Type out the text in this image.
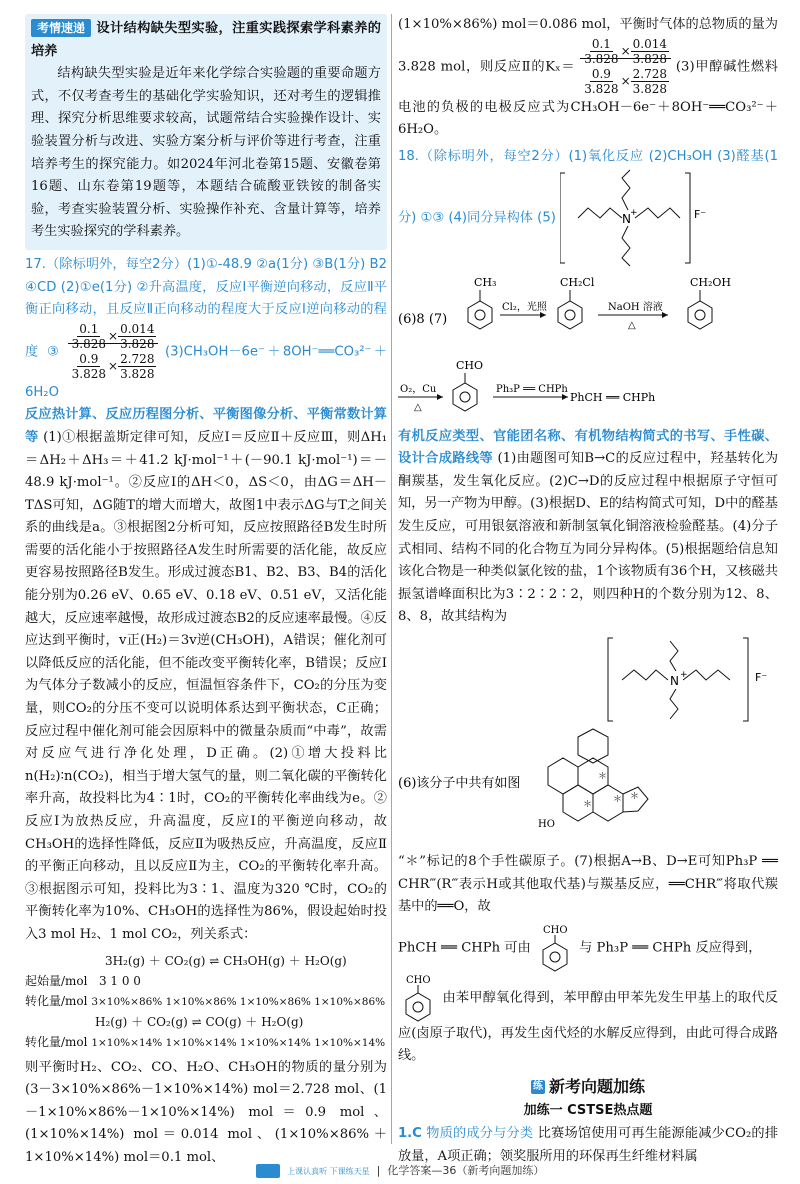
考情速递 设计结构缺失型实验，注重实践探索学科素养的培养

结构缺失型实验是近年来化学综合实验题的重要命题方式，不仅考查考生的基础化学实验知识，还对考生的逻辑推理、探究分析思维要求较高，试题常结合实验操作设计、实验装置分析与改进、实验方案分析与评价等进行考查，注重培养考生的探究能力。如2024年河北卷第15题、安徽卷第16题、山东卷第19题等，本题结合硫酸亚铁铵的制备实验，考查实验装置分析、实验操作补充、含量计算等，培养考生实验探究的学科素养。

17.（除标明外，每空2分）(1)①-48.9 ②a(1分) ③B(1分) B2 ④CD (2)①e(1分) ②升高温度，反应Ⅰ平衡逆向移动，反应Ⅱ平衡正向移动，且反应Ⅱ正向移动的程度大于反应Ⅰ逆向移动的程度 ③ $\frac{0.1}{3.828}\times\frac{0.014}{3.828}$
$\frac{0.9}{3.828}\times\frac{2.728}{3.828}$ (3)CH₃OH－6e⁻＋8OH⁻══CO₃²⁻＋6H₂O

反应热计算、反应历程图分析、平衡图像分析、平衡常数计算等 (1)①根据盖斯定律可知，反应Ⅰ＝反应Ⅱ＋反应Ⅲ，则ΔH₁＝ΔH₂＋ΔH₃＝＋41.2 kJ·mol⁻¹＋(－90.1 kJ·mol⁻¹)＝－48.9 kJ·mol⁻¹。②反应Ⅰ的ΔH＜0，ΔS＜0，由ΔG＝ΔH－TΔS可知，ΔG随T的增大而增大，故图1中表示ΔG与T之间关系的曲线是a。③根据图2分析可知，反应按照路径B发生时所需要的活化能小于按照路径A发生时所需要的活化能，故反应更容易按照路径B发生。形成过渡态B1、B2、B3、B4的活化能分别为0.26 eV、0.65 eV、0.18 eV、0.51 eV，又活化能越大，反应速率越慢，故形成过渡态B2的反应速率最慢。④反应达到平衡时，v正(H₂)＝3v逆(CH₃OH)，A错误；催化剂可以降低反应的活化能，但不能改变平衡转化率，B错误；反应Ⅰ为气体分子数减小的反应，恒温恒容条件下，CO₂的分压为变量，则CO₂的分压不变可以说明体系达到平衡状态，C正确；反应过程中催化剂可能会因原料中的微量杂质而“中毒”，故需对反应气进行净化处理，D正确。(2)①增大投料比n(H₂)∶n(CO₂)，相当于增大氢气的量，则二氧化碳的平衡转化率升高，故投料比为4∶1时，CO₂的平衡转化率曲线为e。②反应Ⅰ为放热反应，升高温度，反应Ⅰ的平衡逆向移动，故CH₃OH的选择性降低，反应Ⅱ为吸热反应，升高温度，反应Ⅱ的平衡正向移动，且以反应Ⅱ为主，CO₂的平衡转化率升高。③根据图示可知，投料比为3∶1、温度为320 ℃时，CO₂的平衡转化率为10%、CH₃OH的选择性为86%，假设起始时投入3 mol H₂、1 mol CO₂，列关系式：

3H₂(g) ＋ CO₂(g) ⇌ CH₃OH(g) ＋ H₂O(g)
起始量/mol 3 1 0 0
转化量/mol 3×10%×86% 1×10%×86% 1×10%×86% 1×10%×86%
H₂(g) ＋ CO₂(g) ⇌ CO(g) ＋ H₂O(g)
转化量/mol 1×10%×14% 1×10%×14% 1×10%×14% 1×10%×14%

则平衡时H₂、CO₂、CO、H₂O、CH₃OH的物质的量分别为(3－3×10%×86%－1×10%×14%) mol＝2.728 mol、(1－1×10%×86%－1×10%×14%) mol＝0.9 mol、(1×10%×14%) mol＝0.014 mol、(1×10%×86%＋1×10%×14%) mol＝0.1 mol、

(1×10%×86%) mol＝0.086 mol，平衡时气体的总物质的量为3.828 mol，则反应Ⅱ的$K_x= \frac{0.1}{3.828}\times\frac{0.014}{3.828}$
$\frac{0.9}{3.828}\times\frac{2.728}{3.828} (3)$甲醇碱性燃料电池的负极的电极反应式为CH₃OH－6e⁻＋8OH⁻══CO₃²⁻＋6H₂O。

18.（除标明外，每空2分）(1)氧化反应 (2)CH₃OH (3)醛基(1分) ①③ (4)同分异构体 (5)	N +	F⁻

(6)8 (7)
CH₃
Cl₂，光照
CH₂Cl
NaOH 溶液
△
CH₂OH

O₂，Cu
△
CHO
Ph₃P ══ CHPh
PhCH ══ CHPh

有机反应类型、官能团名称、有机物结构简式的书写、手性碳、设计合成路线等 (1)由题图可知B→C的反应过程中，羟基转化为酮羰基，发生氧化反应。(2)C→D的反应过程中根据原子守恒可知，另一产物为甲醇。(3)根据D、E的结构简式可知，D中的醛基发生反应，可用银氨溶液和新制氢氧化铜溶液检验醛基。(4)分子式相同、结构不同的化合物互为同分异构体。(5)根据题给信息知该化合物是一种类似氯化铵的盐，1个该物质有36个H，又核磁共振氢谱峰面积比为3∶2∶2∶2，则四种H的个数分别为12、8、8、8，故其结构为

N +	F⁻
(6)该分子中共有如图
HO
＊
＊
＊
＊

“＊”标记的8个手性碳原子。(7)根据A→B、D→E可知Ph₃P ══ CHR‴(R‴表示H或其他取代基)与羰基反应，══CHR‴将取代羰基中的══O，故

PhCH ══ CHPh 可由
CHO
与 Ph₃P ══ CHPh 反应得到，

CHO
由苯甲醇氧化得到，苯甲醇由甲苯先发生甲基上的取代反应(卤原子取代)，再发生卤代烃的水解反应得到，由此可得合成路线。

练 新考向题加练
加练一 CSTSE热点题

1.C 物质的成分与分类 比赛场馆使用可再生能源能减少CO₂的排放量，A项正确；领奖服所用的环保再生纤维材料属

上课认真听 下课练天星  |  化学答案—36（新考向题加练）
